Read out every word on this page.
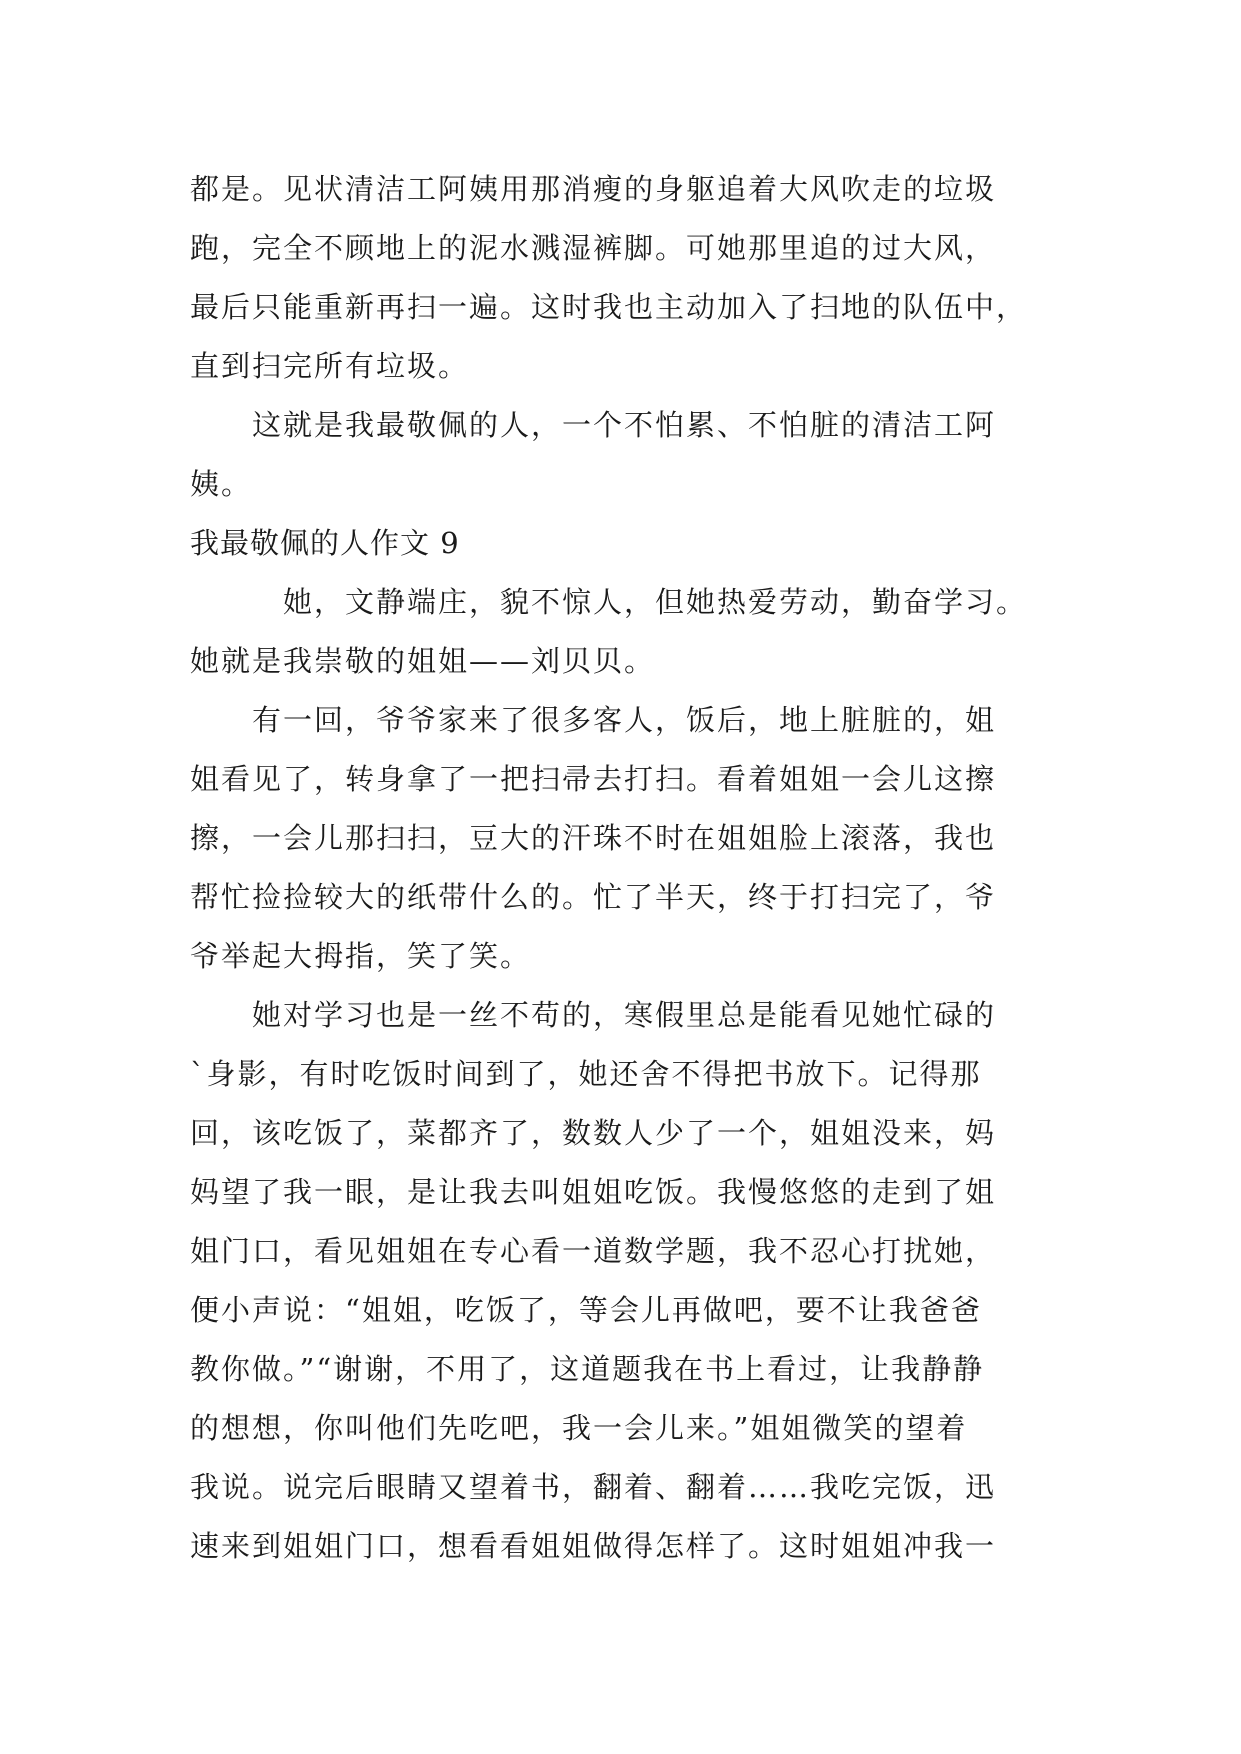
都是。见状清洁工阿姨用那消瘦的身躯追着大风吹走的垃圾
跑，完全不顾地上的泥水溅湿裤脚。可她那里追的过大风，
最后只能重新再扫一遍。这时我也主动加入了扫地的队伍中，
直到扫完所有垃圾。
　　这就是我最敬佩的人，一个不怕累、不怕脏的清洁工阿
姨。
我最敬佩的人作文 9
　　　她，文静端庄，貌不惊人，但她热爱劳动，勤奋学习。
她就是我崇敬的姐姐——刘贝贝。
　　有一回，爷爷家来了很多客人，饭后，地上脏脏的，姐
姐看见了，转身拿了一把扫帚去打扫。看着姐姐一会儿这擦
擦，一会儿那扫扫，豆大的汗珠不时在姐姐脸上滚落，我也
帮忙捡捡较大的纸带什么的。忙了半天，终于打扫完了，爷
爷举起大拇指，笑了笑。
　　她对学习也是一丝不苟的，寒假里总是能看见她忙碌的
`身影，有时吃饭时间到了，她还舍不得把书放下。记得那
回，该吃饭了，菜都齐了，数数人少了一个，姐姐没来，妈
妈望了我一眼，是让我去叫姐姐吃饭。我慢悠悠的走到了姐
姐门口，看见姐姐在专心看一道数学题，我不忍心打扰她，
便小声说：“姐姐，吃饭了，等会儿再做吧，要不让我爸爸
教你做。”“谢谢，不用了，这道题我在书上看过，让我静静
的想想，你叫他们先吃吧，我一会儿来。”姐姐微笑的望着
我说。说完后眼睛又望着书，翻着、翻着……我吃完饭，迅
速来到姐姐门口，想看看姐姐做得怎样了。这时姐姐冲我一
